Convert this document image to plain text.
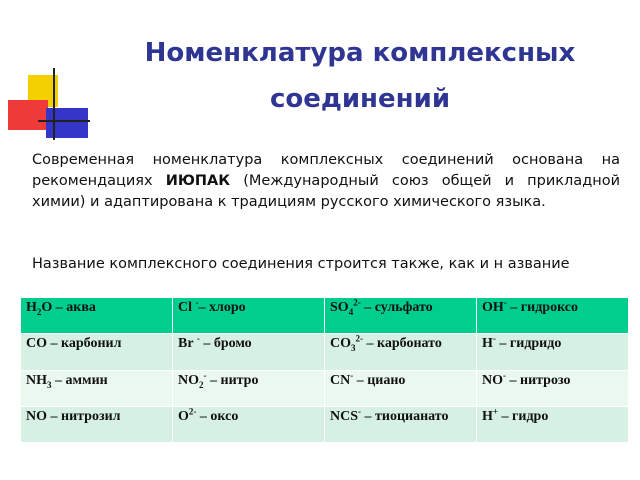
Номенклатура комплексных соединений

Современная номенклатура комплексных соединений основана на рекомендациях ИЮПАК (Международный союз общей и прикладной химии) и адаптирована к традициям русского химического языка.

Название комплексного соединения строится также, как и н азвание

$H_2O$ – аква	Cl -– хлоро	$SO_4^{2-}$ – сульфато	OH- – гидроксо
CO – карбонил	Br - – бромо	$CO_3^{2-}$ – карбонато	H- – гидридо
$NH_3$ – аммин	$NO_2^-$ – нитро	CN- – циано	NO- – нитрозо
NO – нитрозил	$O^{2-}$ – оксо	NCS- – тиоцианато	H+ – гидро
